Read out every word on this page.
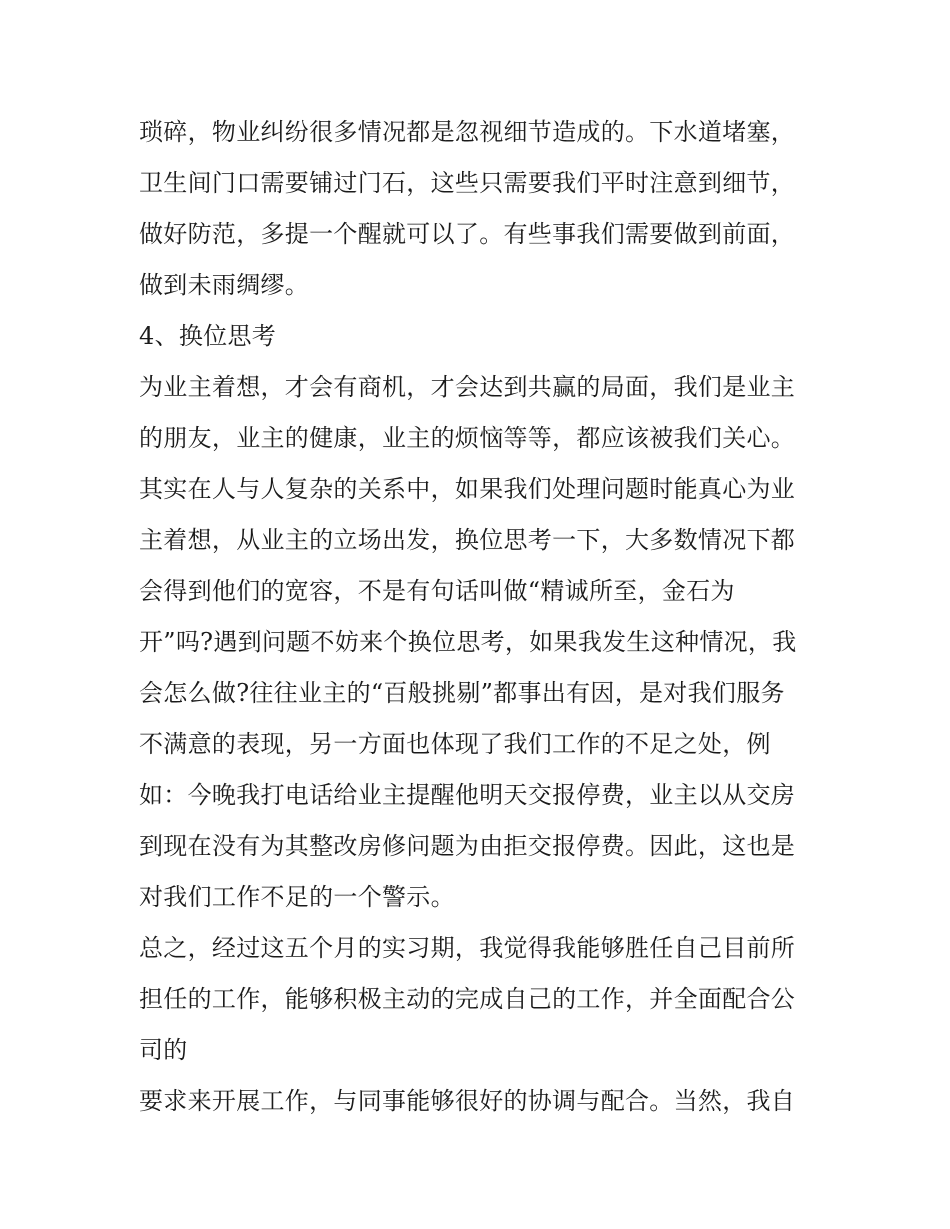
琐碎，物业纠纷很多情况都是忽视细节造成的。下水道堵塞，
卫生间门口需要铺过门石，这些只需要我们平时注意到细节，
做好防范，多提一个醒就可以了。有些事我们需要做到前面，
做到未雨绸缪。
4、换位思考
为业主着想，才会有商机，才会达到共赢的局面，我们是业主
的朋友，业主的健康，业主的烦恼等等，都应该被我们关心。
其实在人与人复杂的关系中，如果我们处理问题时能真心为业
主着想，从业主的立场出发，换位思考一下，大多数情况下都
会得到他们的宽容，不是有句话叫做“精诚所至，金石为
开”吗?遇到问题不妨来个换位思考，如果我发生这种情况，我
会怎么做?往往业主的“百般挑剔”都事出有因，是对我们服务
不满意的表现，另一方面也体现了我们工作的不足之处，例
如：今晚我打电话给业主提醒他明天交报停费，业主以从交房
到现在没有为其整改房修问题为由拒交报停费。因此，这也是
对我们工作不足的一个警示。
总之，经过这五个月的实习期，我觉得我能够胜任自己目前所
担任的工作，能够积极主动的完成自己的工作，并全面配合公
司的
要求来开展工作，与同事能够很好的协调与配合。当然，我自
